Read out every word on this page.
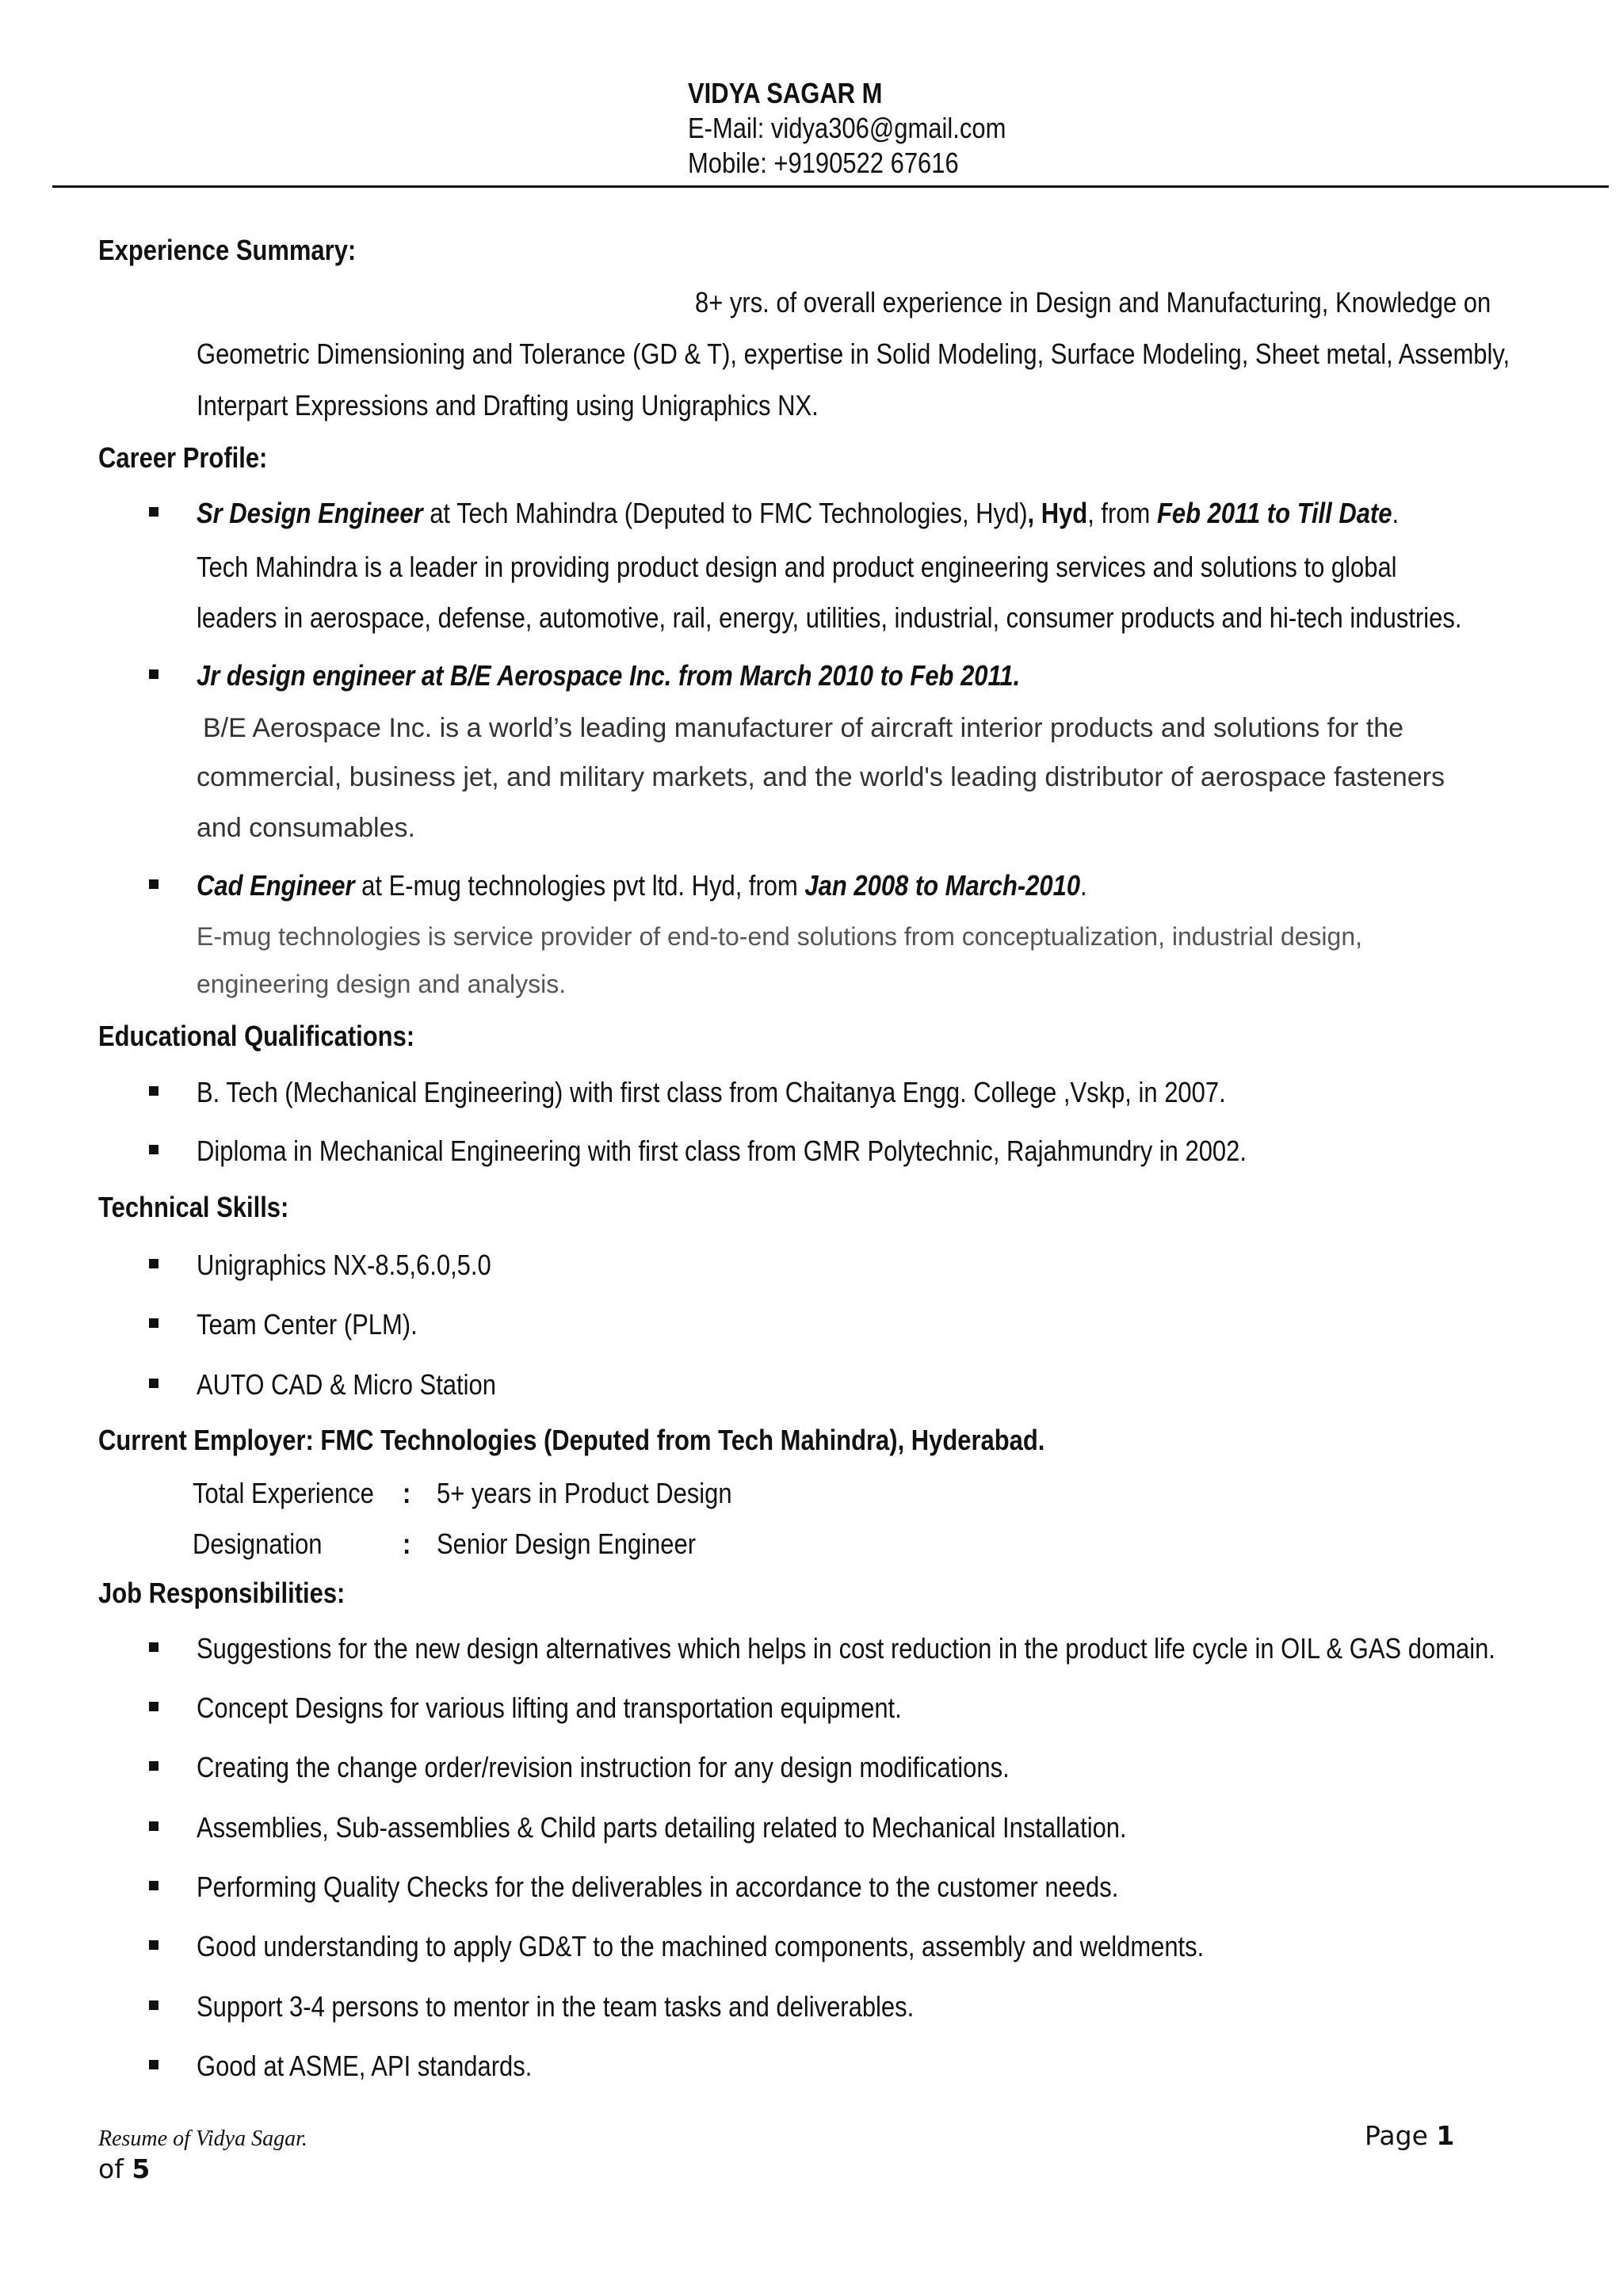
VIDYA SAGAR M
E-Mail: vidya306@gmail.com
Mobile: +9190522 67616
Experience Summary:
8+ yrs. of overall experience in Design and Manufacturing, Knowledge on
Geometric Dimensioning and Tolerance (GD & T), expertise in Solid Modeling, Surface Modeling, Sheet metal, Assembly,
Interpart Expressions and Drafting using Unigraphics NX.
Career Profile:
Sr Design Engineer at Tech Mahindra (Deputed to FMC Technologies, Hyd), Hyd, from Feb 2011 to Till Date.
Tech Mahindra is a leader in providing product design and product engineering services and solutions to global
leaders in aerospace, defense, automotive, rail, energy, utilities, industrial, consumer products and hi-tech industries.
Jr design engineer at B/E Aerospace Inc. from March 2010 to Feb 2011.
B/E Aerospace Inc. is a world’s leading manufacturer of aircraft interior products and solutions for the
commercial, business jet, and military markets, and the world's leading distributor of aerospace fasteners
and consumables.
Cad Engineer at E-mug technologies pvt ltd. Hyd, from Jan 2008 to March-2010.
E-mug technologies is service provider of end-to-end solutions from conceptualization, industrial design,
engineering design and analysis.
Educational Qualifications:
B. Tech (Mechanical Engineering) with first class from Chaitanya Engg. College ,Vskp, in 2007.
Diploma in Mechanical Engineering with first class from GMR Polytechnic, Rajahmundry in 2002.
Technical Skills:
Unigraphics NX-8.5,6.0,5.0
Team Center (PLM).
AUTO CAD & Micro Station
Current Employer: FMC Technologies (Deputed from Tech Mahindra), Hyderabad.
Total Experience : 5+ years in Product Design
Designation	: Senior Design Engineer
Job Responsibilities:
Suggestions for the new design alternatives which helps in cost reduction in the product life cycle in OIL & GAS domain.
Concept Designs for various lifting and transportation equipment.
Creating the change order/revision instruction for any design modifications.
Assemblies, Sub-assemblies & Child parts detailing related to Mechanical Installation.
Performing Quality Checks for the deliverables in accordance to the customer needs.
Good understanding to apply GD&T to the machined components, assembly and weldments.
Support 3-4 persons to mentor in the team tasks and deliverables.
Good at ASME, API standards.
Resume of Vidya Sagar.	Page 1
of 5
